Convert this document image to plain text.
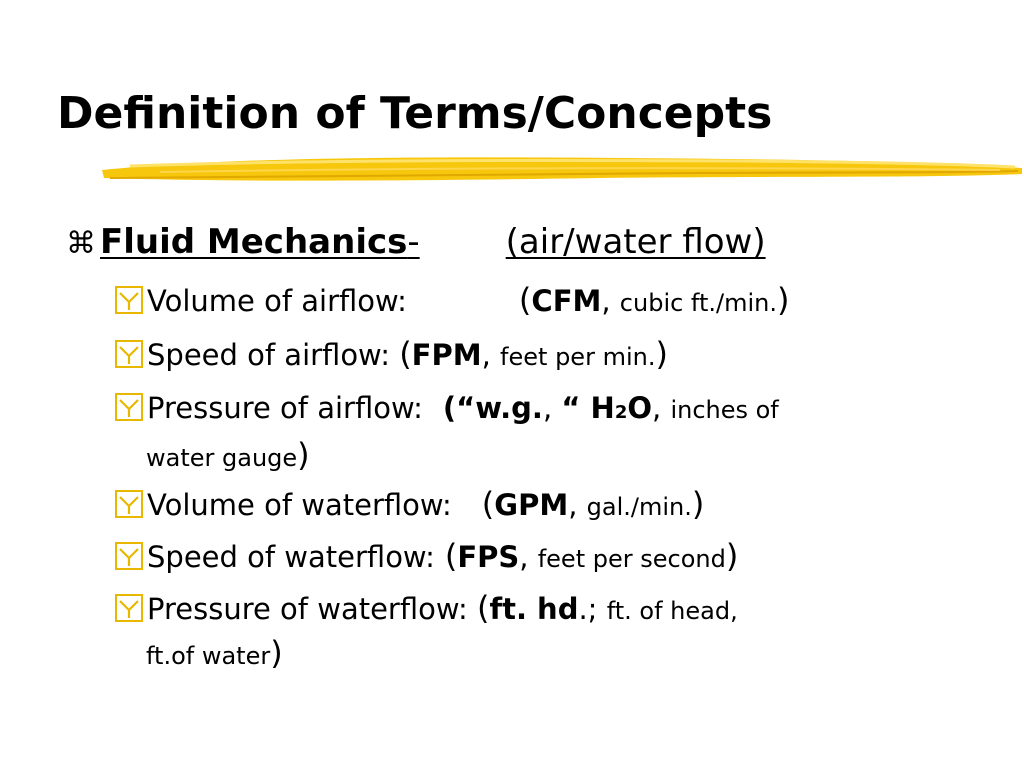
Definition of Terms/Concepts
⌘ Fluid Mechanics-	(air/water flow)
Volume of airflow:	(CFM, cubic ft./min.)
Speed of airflow: (FPM, feet per min.)
Pressure of airflow: (“w.g., “ H2O, inches of
water gauge)
Volume of waterflow: (GPM, gal./min.)
Speed of waterflow: (FPS, feet per second)
Pressure of waterflow: (ft. hd.; ft. of head,
ft.of water)
